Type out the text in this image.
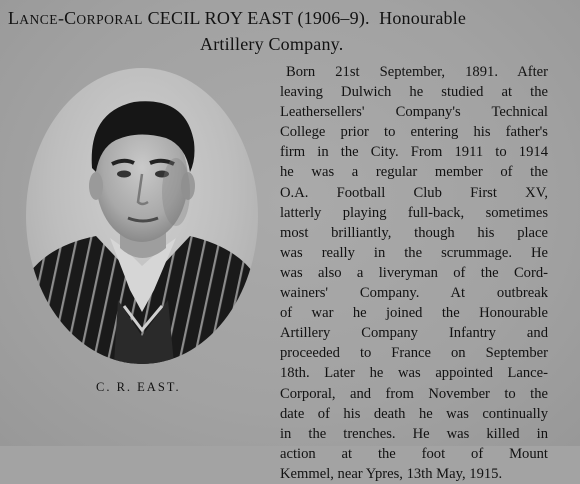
LANCE-CORPORAL CECIL ROY EAST (1906–9). Honourable
Artillery Company.
C. R. EAST.
Born 21st September, 1891. After
leaving Dulwich he studied at the
Leathersellers' Company's Technical
College prior to entering his father's
firm in the City. From 1911 to 1914
he was a regular member of the
O.A. Football Club First XV,
latterly playing full-back, sometimes
most brilliantly, though his place
was really in the scrummage. He
was also a liveryman of the Cord-
wainers' Company. At outbreak
of war he joined the Honourable
Artillery Company Infantry and
proceeded to France on September
18th. Later he was appointed Lance-
Corporal, and from November to the
date of his death he was continually
in the trenches. He was killed in
action at the foot of Mount
Kemmel, near Ypres, 13th May, 1915.
